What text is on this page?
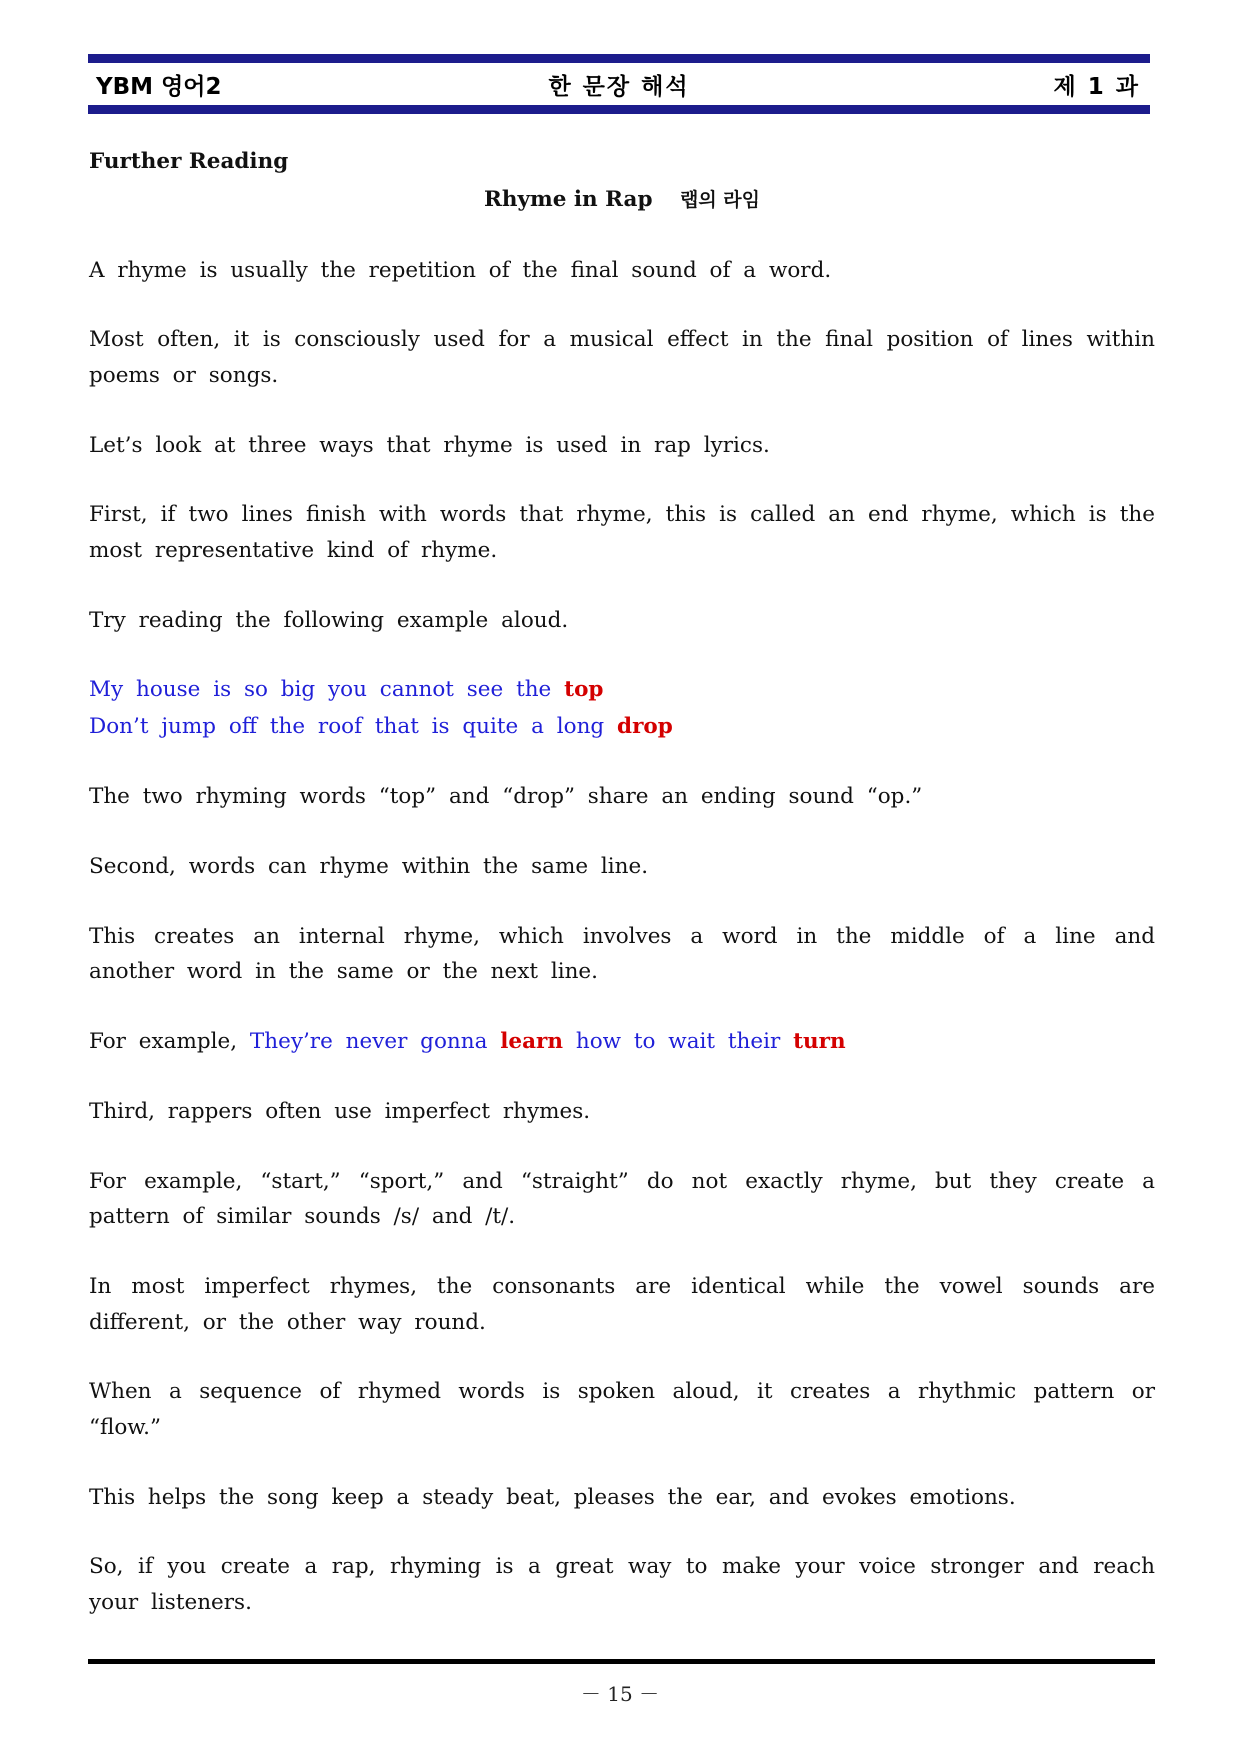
YBM 영어2	한 문장 해석	제 1 과
Further Reading
Rhyme in Rap 랩의 라임

A rhyme is usually the repetition of the final sound of a word.

Most often, it is consciously used for a musical effect in the final position of lines within poems or songs.

Let’s look at three ways that rhyme is used in rap lyrics.

First, if two lines finish with words that rhyme, this is called an end rhyme, which is the most representative kind of rhyme.

Try reading the following example aloud.

My house is so big you cannot see the top

Don’t jump off the roof that is quite a long drop

The two rhyming words “top” and “drop” share an ending sound “op.”

Second, words can rhyme within the same line.

This creates an internal rhyme, which involves a word in the middle of a line and another word in the same or the next line.

For example, They’re never gonna learn how to wait their turn

Third, rappers often use imperfect rhymes.

For example, “start,” “sport,” and “straight” do not exactly rhyme, but they create a pattern of similar sounds /s/ and /t/.

In most imperfect rhymes, the consonants are identical while the vowel sounds are different, or the other way round.

When a sequence of rhymed words is spoken aloud, it creates a rhythmic pattern or “flow.”

This helps the song keep a steady beat, pleases the ear, and evokes emotions.

So, if you create a rap, rhyming is a great way to make your voice stronger and reach your listeners.

－ 15 －
